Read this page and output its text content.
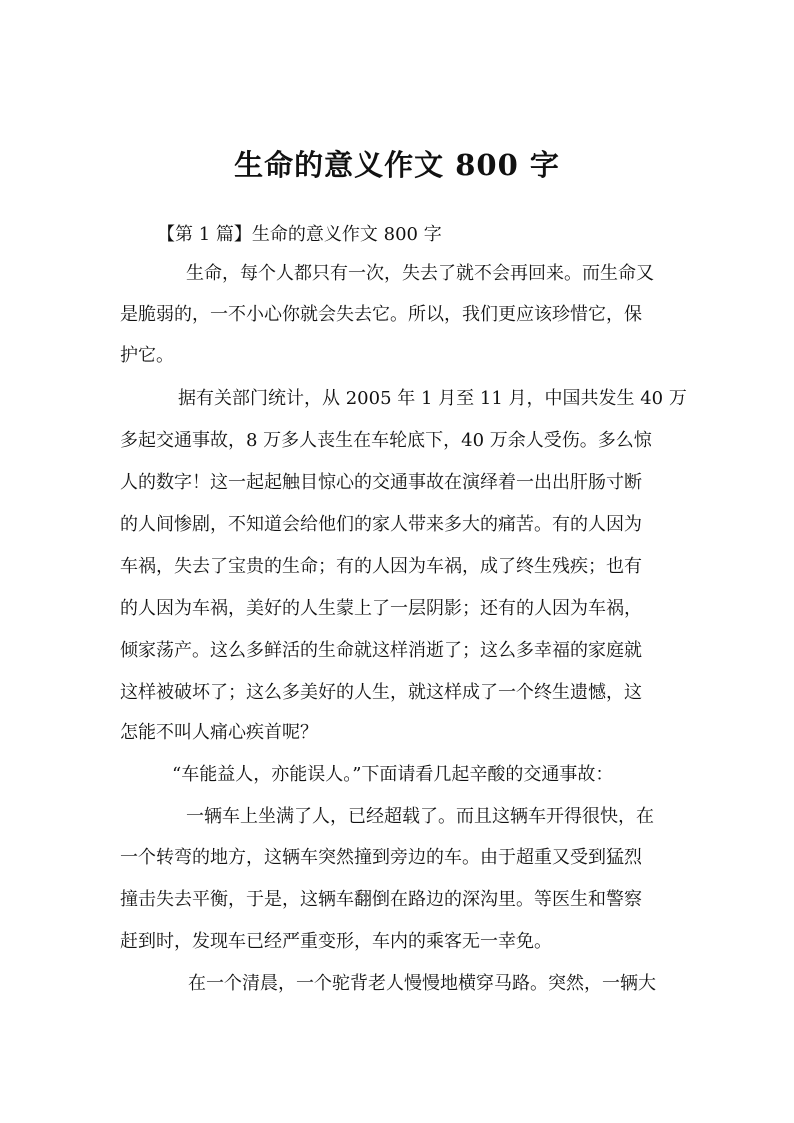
生命的意义作文 800 字
【第 1 篇】生命的意义作文 800 字
生命，每个人都只有一次，失去了就不会再回来。而生命又
是脆弱的，一不小心你就会失去它。所以，我们更应该珍惜它，保
护它。
据有关部门统计，从 2005 年 1 月至 11 月，中国共发生 40 万
多起交通事故，8 万多人丧生在车轮底下，40 万余人受伤。多么惊
人的数字！这一起起触目惊心的交通事故在演绎着一出出肝肠寸断
的人间惨剧，不知道会给他们的家人带来多大的痛苦。有的人因为
车祸，失去了宝贵的生命；有的人因为车祸，成了终生残疾；也有
的人因为车祸，美好的人生蒙上了一层阴影；还有的人因为车祸，
倾家荡产。这么多鲜活的生命就这样消逝了；这么多幸福的家庭就
这样被破坏了；这么多美好的人生，就这样成了一个终生遗憾，这
怎能不叫人痛心疾首呢？
“车能益人，亦能误人。”下面请看几起辛酸的交通事故：
一辆车上坐满了人，已经超载了。而且这辆车开得很快，在
一个转弯的地方，这辆车突然撞到旁边的车。由于超重又受到猛烈
撞击失去平衡，于是，这辆车翻倒在路边的深沟里。等医生和警察
赶到时，发现车已经严重变形，车内的乘客无一幸免。
在一个清晨，一个驼背老人慢慢地横穿马路。突然，一辆大
